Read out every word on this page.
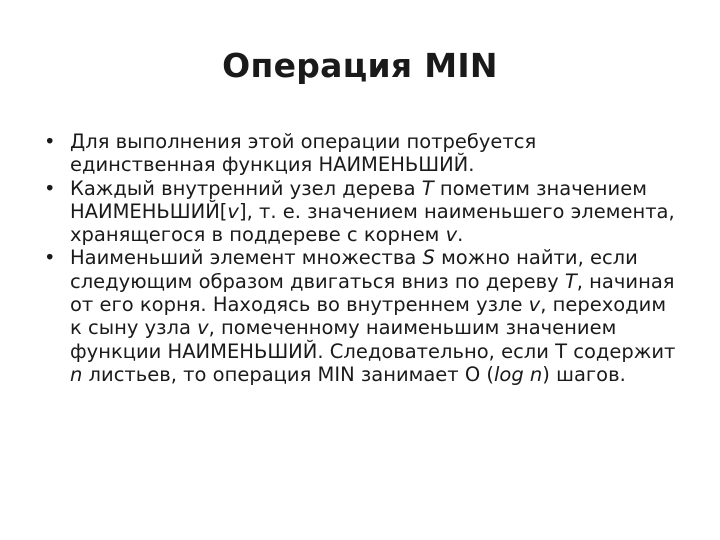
Операция MIN
• Для выполнения этой операции потребуется единственная функция НАИМЕНЬШИЙ.
• Каждый внутренний узел дерева T пометим значением НАИМЕНЬШИЙ[v], т. е. значением наименьшего элемента, хранящегося в поддереве с корнем v.
• Наименьший элемент множества S можно найти, если следующим образом двигаться вниз по дереву T, начиная от его корня. Находясь во внутреннем узле v, переходим к сыну узла v, помеченному наименьшим значением функции НАИМЕНЬШИЙ. Следовательно, если Т содержит n листьев, то операция MIN занимает О (log n) шагов.
